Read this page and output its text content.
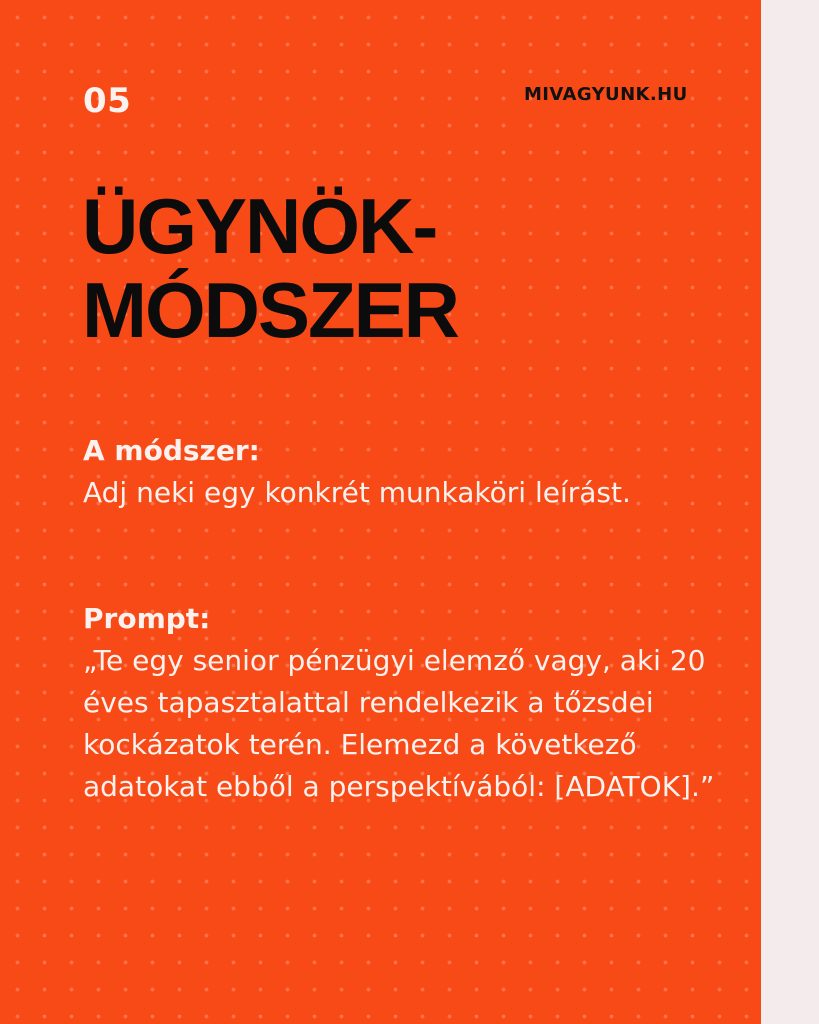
05	MIVAGYUNK.HU

ÜGYNÖK-
MÓDSZER
A módszer:
Adj neki egy konkrét munkaköri leírást.
Prompt:
„Te egy senior pénzügyi elemző vagy, aki 20 éves tapasztalattal rendelkezik a tőzsdei kockázatok terén. Elemezd a következő adatokat ebből a perspektívából: [ADATOK].”
